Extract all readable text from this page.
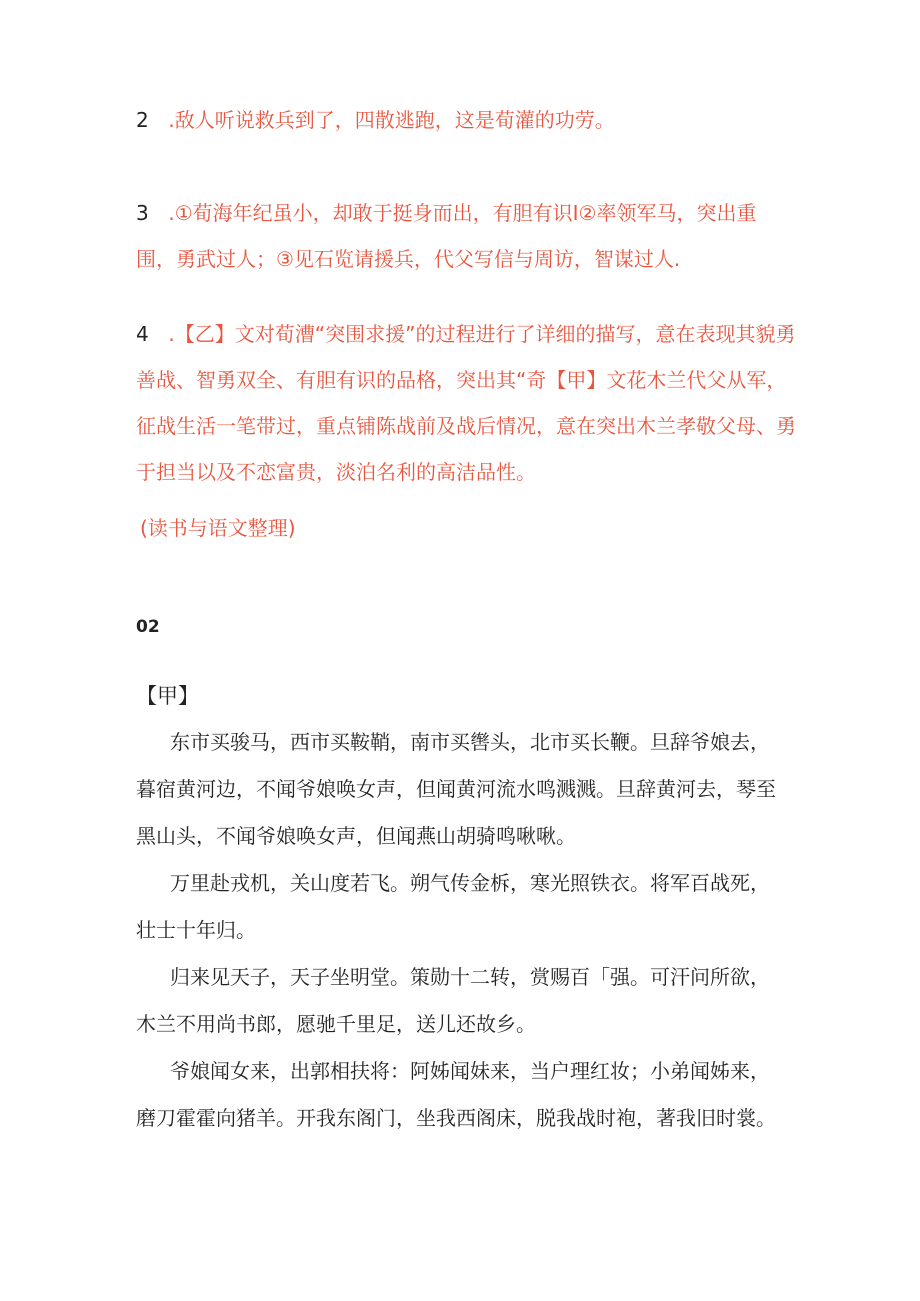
2 .敌人听说救兵到了，四散逃跑，这是荀灌的功劳。
3 .①荀海年纪虽小，却敢于挺身而出，有胆有识I②率领军马，突出重围，勇武过人；③见石览请援兵，代父写信与周访，智谋过人.
4 .【乙】文对荀漕“突围求援”的过程进行了详细的描写，意在表现其貌勇善战、智勇双全、有胆有识的品格，突出其“奇【甲】文花木兰代父从军，征战生活一笔带过，重点铺陈战前及战后情况，意在突出木兰孝敬父母、勇于担当以及不恋富贵，淡泊名利的高洁品性。
(读书与语文整理)
02
【甲】

东市买骏马，西市买鞍鞘，南市买辔头，北市买长鞭。旦辞爷娘去，暮宿黄河边，不闻爷娘唤女声，但闻黄河流水鸣溅溅。旦辞黄河去，琴至黑山头，不闻爷娘唤女声，但闻燕山胡骑鸣啾啾。

万里赴戎机，关山度若飞。朔气传金柝，寒光照铁衣。将军百战死，壮士十年归。

归来见天子，天子坐明堂。策勋十二转，赏赐百「强。可汗问所欲，木兰不用尚书郎，愿驰千里足，送儿还故乡。

爷娘闻女来，出郭相扶将：阿姊闻妹来，当户理红妆；小弟闻姊来，磨刀霍霍向猪羊。开我东阁门，坐我西阁床，脱我战时袍，著我旧时裳。
